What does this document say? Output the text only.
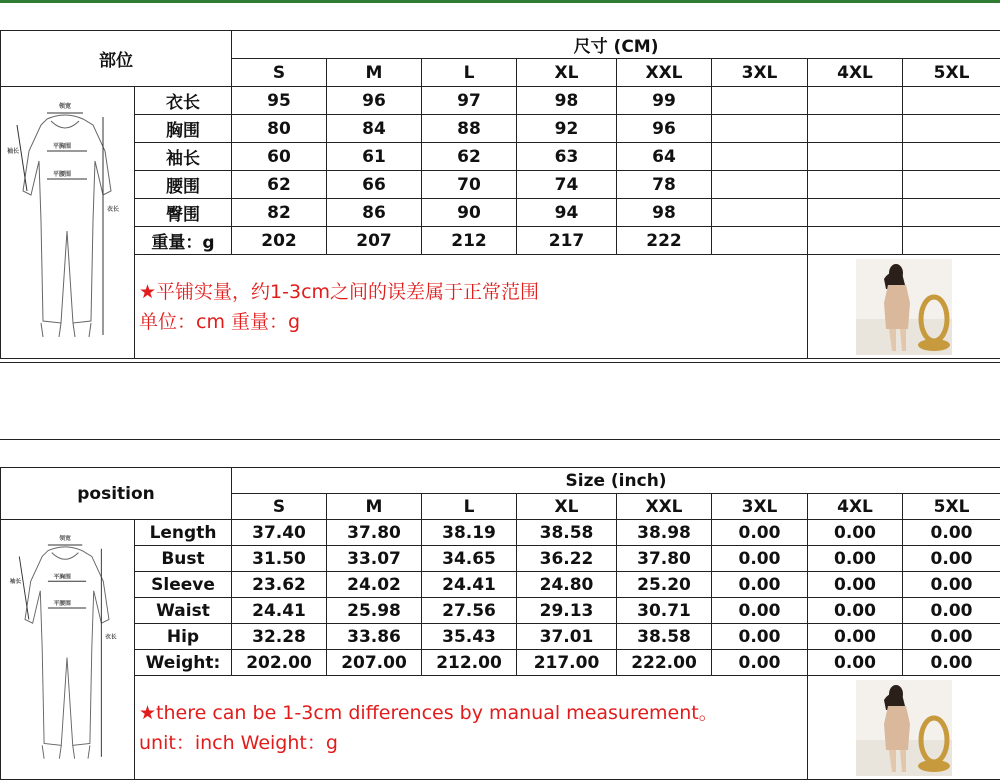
部位		尺寸 (CM)							
		S	M	L	XL	XXL	3XL	4XL	5XL

领宽
袖长
平胸围
平腰围
衣长	衣长	95	96	97	98	99			
	胸围	80	84	88	92	96			
	袖长	60	61	62	63	64			
	腰围	62	66	70	74	78			
	臀围	82	86	90	94	98			
	重量：g	202	207	212	217	222			

	★平铺实量，约1-3cm之间的误差属于正常范围
单位：cm 重量：g

position		Size (inch)							
		S	M	L	XL	XXL	3XL	4XL	5XL

领宽
袖长
平胸围
平腰围
衣长	Length	37.40	37.80	38.19	38.58	38.98	0.00	0.00	0.00
	Bust	31.50	33.07	34.65	36.22	37.80	0.00	0.00	0.00
	Sleeve	23.62	24.02	24.41	24.80	25.20	0.00	0.00	0.00
	Waist	24.41	25.98	27.56	29.13	30.71	0.00	0.00	0.00
	Hip	32.28	33.86	35.43	37.01	38.58	0.00	0.00	0.00
	Weight:	202.00	207.00	212.00	217.00	222.00	0.00	0.00	0.00

	★there can be 1-3cm differences by manual measurement。
unit：inch Weight：g
